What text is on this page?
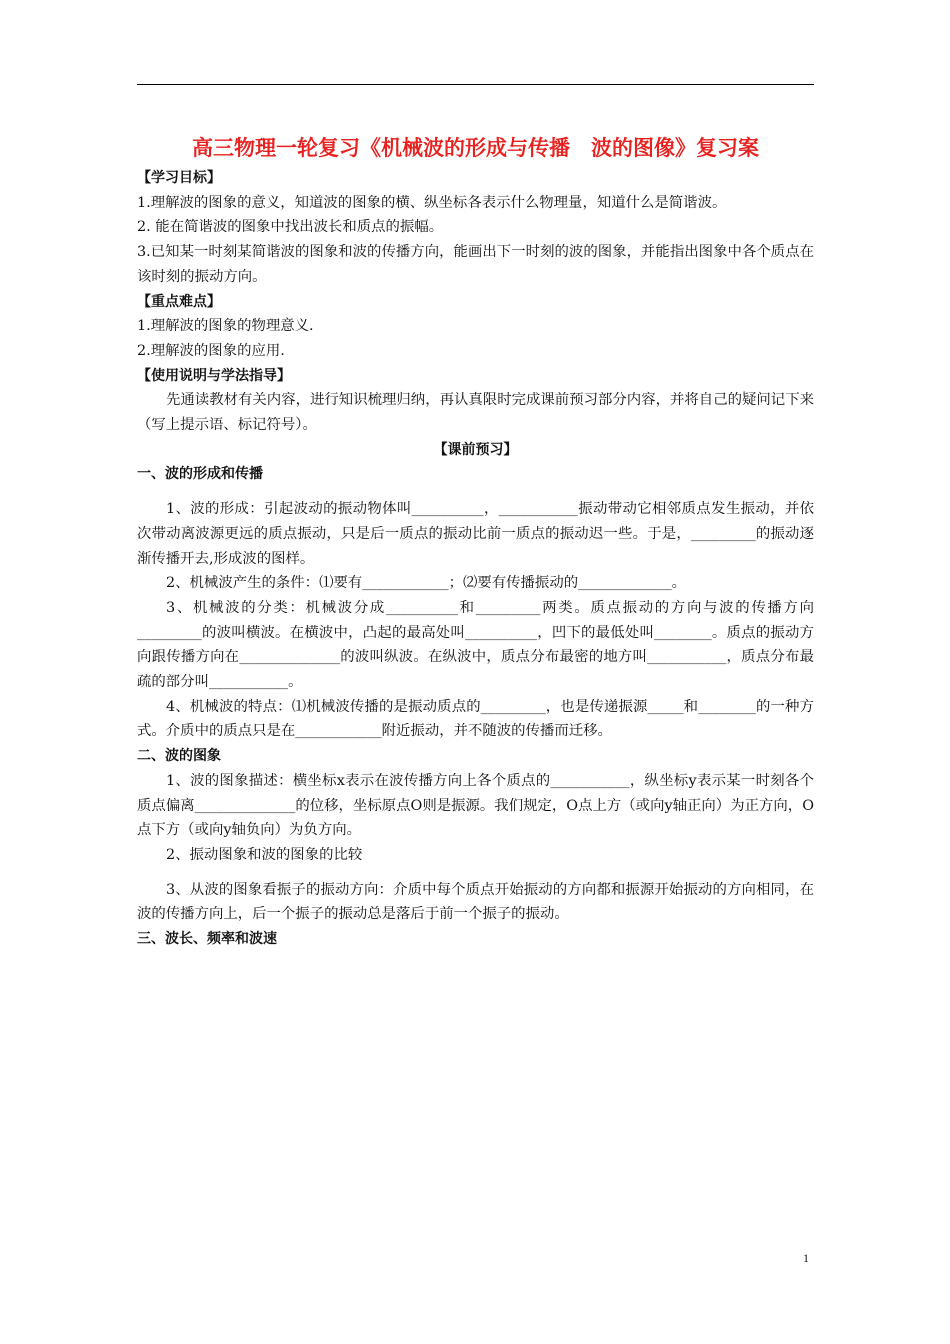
高三物理一轮复习《机械波的形成与传播　波的图像》复习案
【学习目标】
1.理解波的图象的意义，知道波的图象的横、纵坐标各表示什么物理量，知道什么是简谐波。
2. 能在简谐波的图象中找出波长和质点的振幅。
3.已知某一时刻某简谐波的图象和波的传播方向，能画出下一时刻的波的图象，并能指出图象中各个质点在该时刻的振动方向。
【重点难点】
1.理解波的图象的物理意义.
2.理解波的图象的应用.
【使用说明与学法指导】
先通读教材有关内容，进行知识梳理归纳，再认真限时完成课前预习部分内容，并将自己的疑问记下来（写上提示语、标记符号）。
【课前预习】
一、波的形成和传播
1、波的形成：引起波动的振动物体叫__________，___________振动带动它相邻质点发生振动，并依次带动离波源更远的质点振动，只是后一质点的振动比前一质点的振动迟一些。于是，_________的振动逐渐传播开去,形成波的图样。
2、机械波产生的条件：⑴要有____________；⑵要有传播振动的_____________。
3、机械波的分类：机械波分成__________和_________两类。质点振动的方向与波的传播方向_________的波叫横波。在横波中，凸起的最高处叫__________，凹下的最低处叫________。质点的振动方向跟传播方向在______________的波叫纵波。在纵波中，质点分布最密的地方叫___________，质点分布最疏的部分叫___________。
4、机械波的特点：⑴机械波传播的是振动质点的_________，也是传递振源_____和________的一种方式。介质中的质点只是在____________附近振动，并不随波的传播而迁移。
二、波的图象
1、波的图象描述：横坐标x表示在波传播方向上各个质点的___________，纵坐标y表示某一时刻各个质点偏离______________的位移，坐标原点O则是振源。我们规定，O点上方（或向y轴正向）为正方向，O点下方（或向y轴负向）为负方向。
2、振动图象和波的图象的比较
3、从波的图象看振子的振动方向：介质中每个质点开始振动的方向都和振源开始振动的方向相同，在波的传播方向上，后一个振子的振动总是落后于前一个振子的振动。
三、波长、频率和波速
1
